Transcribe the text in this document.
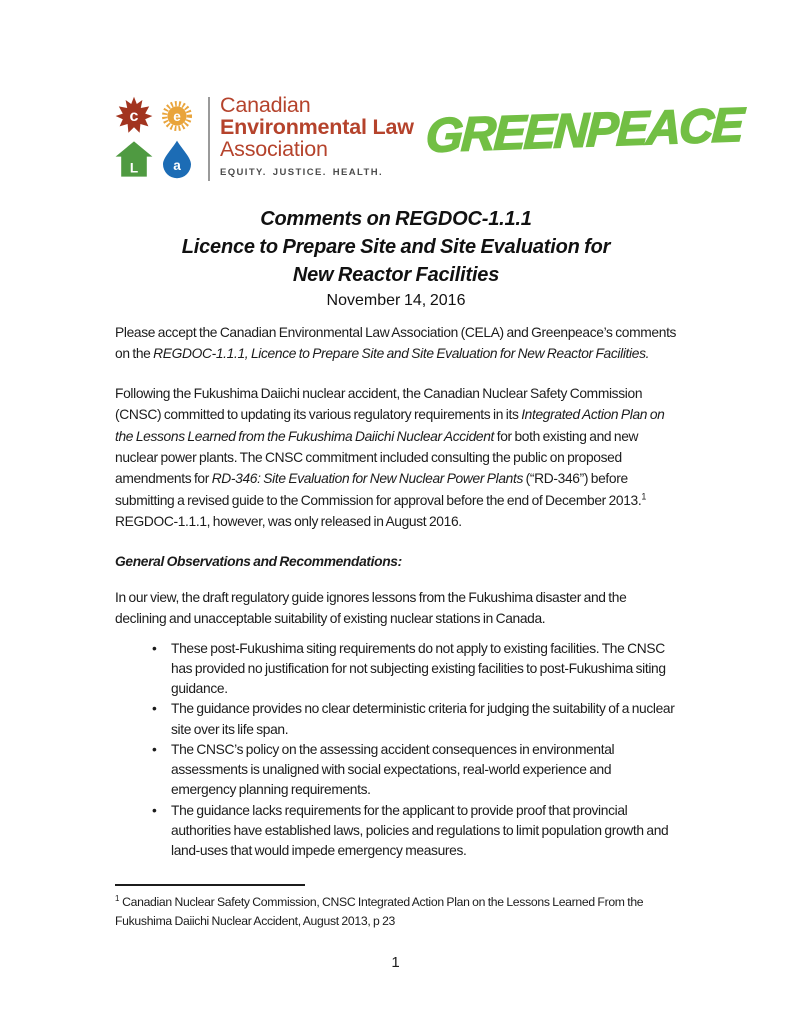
c e
L a
Canadian
Environmental Law
Association
EQUITY. JUSTICE. HEALTH.
GREENPEACE
Comments on REGDOC-1.1.1
Licence to Prepare Site and Site Evaluation for
New Reactor Facilities
November 14, 2016

Please accept the Canadian Environmental Law Association (CELA) and Greenpeace’s comments on the REGDOC-1.1.1, Licence to Prepare Site and Site Evaluation for New Reactor Facilities.

Following the Fukushima Daiichi nuclear accident, the Canadian Nuclear Safety Commission (CNSC) committed to updating its various regulatory requirements in its Integrated Action Plan on the Lessons Learned from the Fukushima Daiichi Nuclear Accident for both existing and new nuclear power plants. The CNSC commitment included consulting the public on proposed amendments for RD-346: Site Evaluation for New Nuclear Power Plants (“RD-346”) before submitting a revised guide to the Commission for approval before the end of December 2013.$^1$ REGDOC-1.1.1, however, was only released in August 2016.

General Observations and Recommendations:

In our view, the draft regulatory guide ignores lessons from the Fukushima disaster and the declining and unacceptable suitability of existing nuclear stations in Canada.

• These post-Fukushima siting requirements do not apply to existing facilities. The CNSC has provided no justification for not subjecting existing facilities to post-Fukushima siting guidance.
• The guidance provides no clear deterministic criteria for judging the suitability of a nuclear site over its life span.
• The CNSC’s policy on the assessing accident consequences in environmental assessments is unaligned with social expectations, real-world experience and emergency planning requirements.
• The guidance lacks requirements for the applicant to provide proof that provincial authorities have established laws, policies and regulations to limit population growth and land-uses that would impede emergency measures.
$^1$ Canadian Nuclear Safety Commission, CNSC Integrated Action Plan on the Lessons Learned From the Fukushima Daiichi Nuclear Accident, August 2013, p 23
1
